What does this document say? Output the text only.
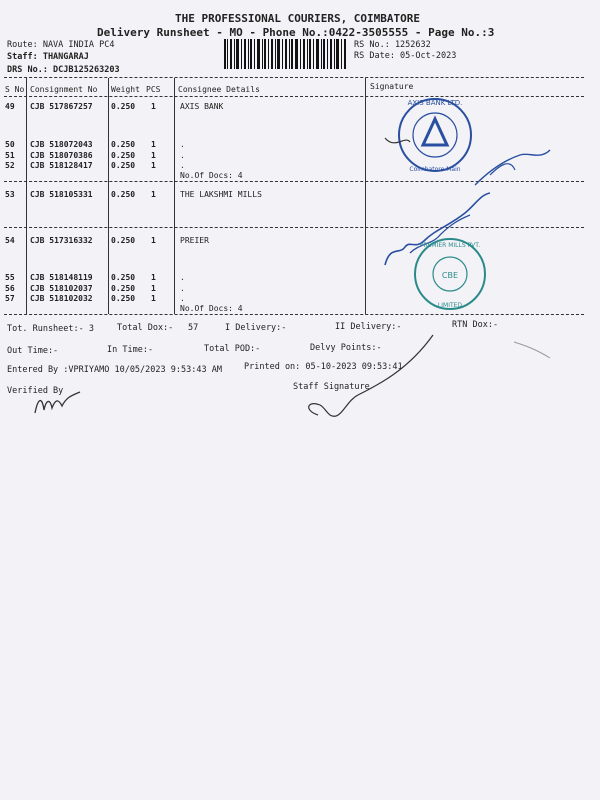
THE PROFESSIONAL COURIERS, COIMBATORE
Delivery Runsheet - MO - Phone No.:0422-3505555 - Page No.:3
Route: NAVA INDIA PC4
Staff: THANGARAJ
DRS No.: DCJB125263203
RS No.: 1252632
RS Date: 05-Oct-2023
S No Consignment No Weight PCS Consignee Details	Signature
49 CJB 517867257 0.250 1	AXIS BANK
50 CJB 518072043 0.250 1	.
51 CJB 518070386 0.250 1	.
52 CJB 518128417 0.250 1	.
No.Of Docs: 4
53 CJB 518105331 0.250 1	THE LAKSHMI MILLS
54 CJB 517316332 0.250 1	PREIER
55 CJB 518148119 0.250 1	.
56 CJB 518102037 0.250 1	.
57 CJB 518102032 0.250 1	.
No.Of Docs: 4
AXIS BANK LTD.
Coimbatore Main
CBE
PREMIER MILLS PVT.
LIMITED
Tot. Runsheet:- 3	Total Dox:- 57	I Delivery:-	II Delivery:-	RTN Dox:-
Out Time:-	In Time:-	Total POD:-	Delvy Points:-
Entered By :VPRIYAMO 10/05/2023 9:53:43 AM	Printed on: 05-10-2023 09:53:41
Verified By	Staff Signature
